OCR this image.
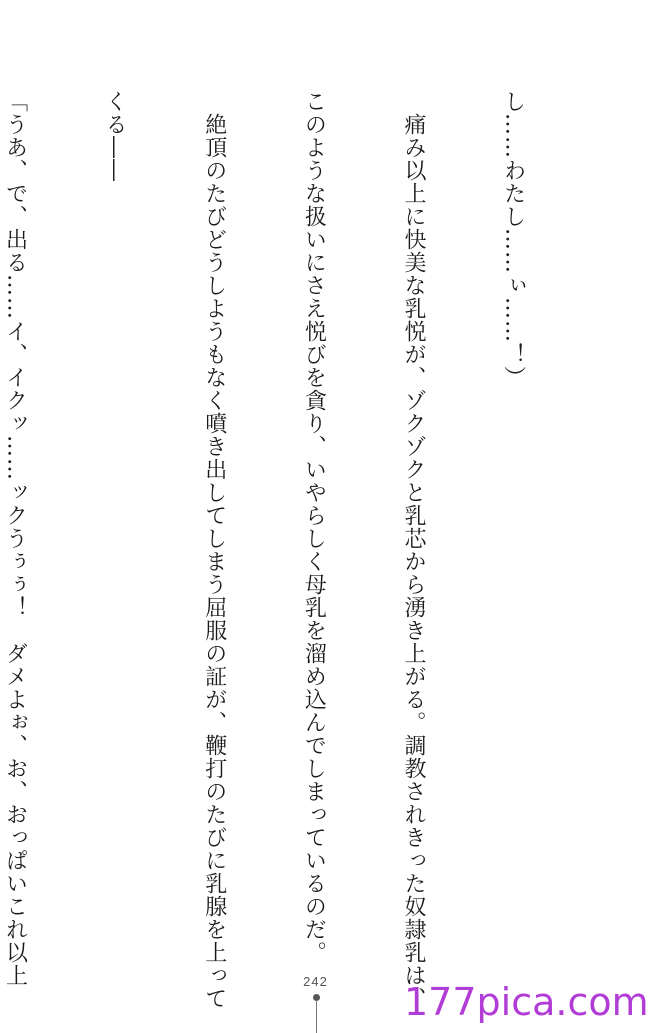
し……わたし……ぃ……！）

　痛み以上に快美な乳悦が、ゾクゾクと乳芯から湧き上がる。調教されきった奴隷乳は、

このような扱いにさえ悦びを貪り、いやらしく母乳を溜め込んでしまっているのだ。

　絶頂のたびどうしようもなく噴き出してしまう屈服の証が、鞭打のたびに乳腺を上って

くる――

「うあ、で、出る……イ、イクッ……ックうぅぅ！　ダメよぉ、お、おっぱいこれ以上

	242 177pica.com
